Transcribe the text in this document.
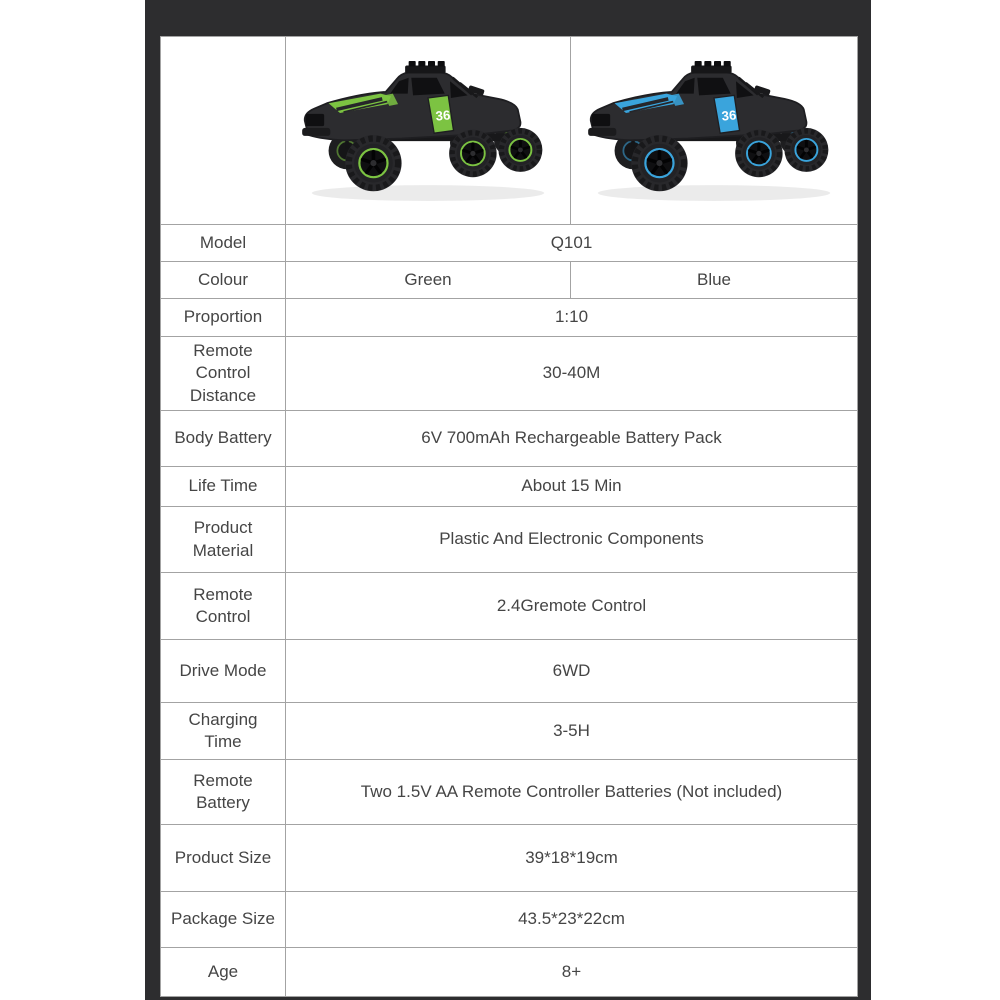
36	36

Model	Q101	
Colour	Green	Blue
Proportion	1:10	
Remote Control Distance	30-40M	
Body Battery	6V 700mAh Rechargeable Battery Pack	
Life Time	About 15 Min	
Product Material	Plastic And Electronic Components	
Remote Control	2.4Gremote Control	
Drive Mode	6WD	
Charging Time	3-5H	
Remote Battery	Two 1.5V AA Remote Controller Batteries (Not included)	
Product Size	39*18*19cm	
Package Size	43.5*23*22cm	
Age	8+	
